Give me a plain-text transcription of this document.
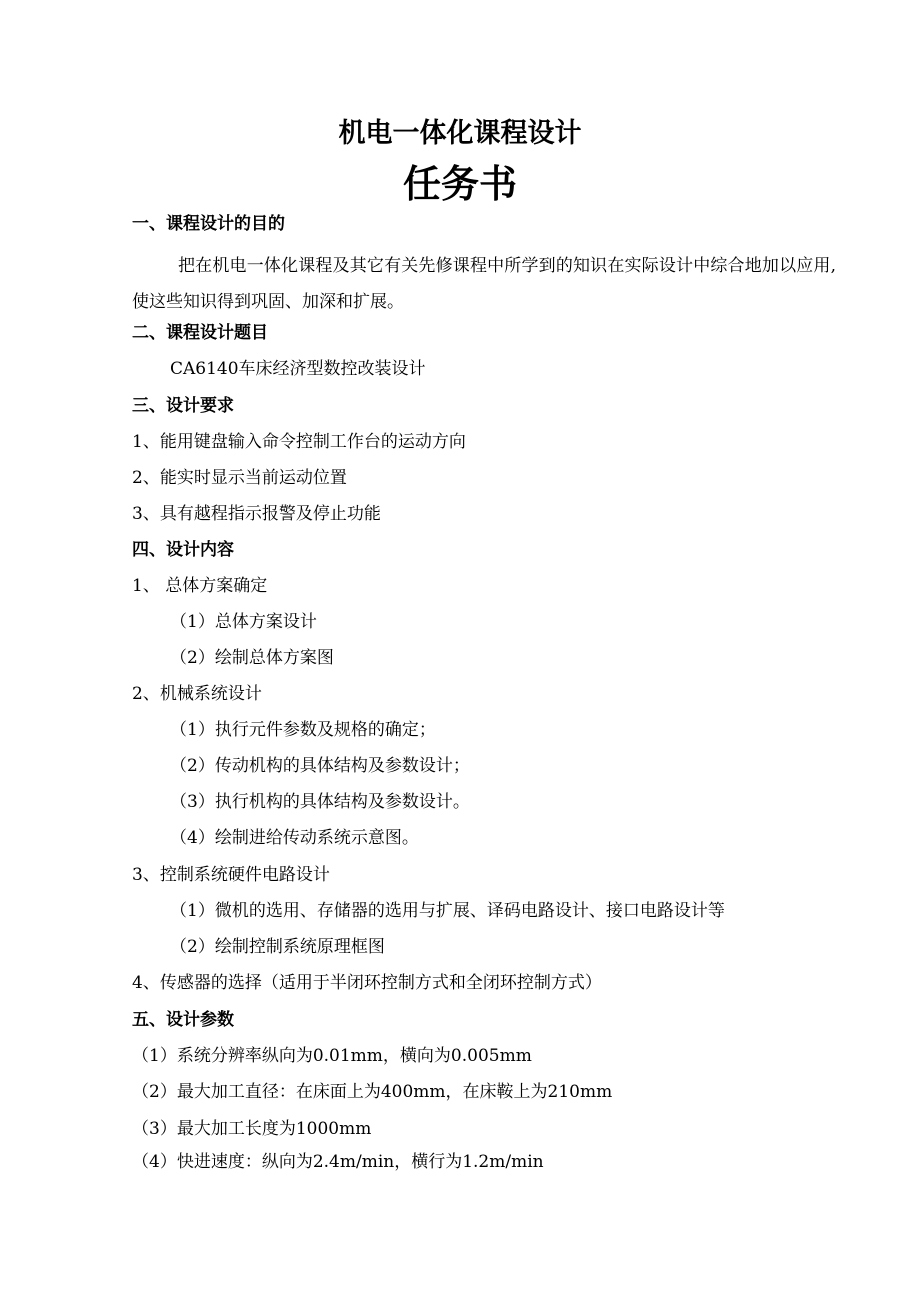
机电一体化课程设计
任务书
一、课程设计的目的
把在机电一体化课程及其它有关先修课程中所学到的知识在实际设计中综合地加以应用,使这些知识得到巩固、加深和扩展。
二、课程设计题目
CA6140车床经济型数控改装设计
三、设计要求
1、能用键盘输入命令控制工作台的运动方向
2、能实时显示当前运动位置
3、具有越程指示报警及停止功能
四、设计内容
1、 总体方案确定
（1）总体方案设计
（2）绘制总体方案图
2、机械系统设计
（1）执行元件参数及规格的确定；
（2）传动机构的具体结构及参数设计；
（3）执行机构的具体结构及参数设计。
（4）绘制进给传动系统示意图。
3、控制系统硬件电路设计
（1）微机的选用、存储器的选用与扩展、译码电路设计、接口电路设计等
（2）绘制控制系统原理框图
4、传感器的选择（适用于半闭环控制方式和全闭环控制方式）
五、设计参数
（1）系统分辨率纵向为0.01mm，横向为0.005mm
（2）最大加工直径：在床面上为400mm，在床鞍上为210mm
（3）最大加工长度为1000mm
（4）快进速度：纵向为2.4m/min，横行为1.2m/min
